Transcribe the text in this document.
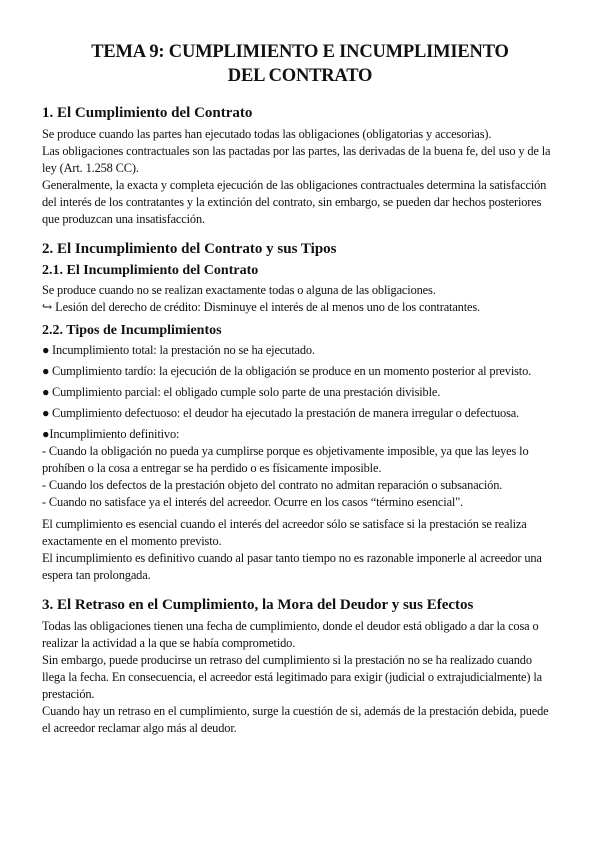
TEMA 9: CUMPLIMIENTO E INCUMPLIMIENTO
DEL CONTRATO
1. El Cumplimiento del Contrato

Se produce cuando las partes han ejecutado todas las obligaciones (obligatorias y accesorias).

Las obligaciones contractuales son las pactadas por las partes, las derivadas de la buena fe, del uso y de la ley (Art. 1.258 CC).

Generalmente, la exacta y completa ejecución de las obligaciones contractuales determina la satisfacción del interés de los contratantes y la extinción del contrato, sin embargo, se pueden dar hechos posteriores que produzcan una insatisfacción.

2. El Incumplimiento del Contrato y sus Tipos
2.1. El Incumplimiento del Contrato

Se produce cuando no se realizan exactamente todas o alguna de las obligaciones.

↪ Lesión del derecho de crédito: Disminuye el interés de al menos uno de los contratantes.

2.2. Tipos de Incumplimientos

● Incumplimiento total: la prestación no se ha ejecutado.

● Cumplimiento tardío: la ejecución de la obligación se produce en un momento posterior al previsto.

● Cumplimiento parcial: el obligado cumple solo parte de una prestación divisible.

● Cumplimiento defectuoso: el deudor ha ejecutado la prestación de manera irregular o defectuosa.

●Incumplimiento definitivo:

- Cuando la obligación no pueda ya cumplirse porque es objetivamente imposible, ya que las leyes lo prohíben o la cosa a entregar se ha perdido o es físicamente imposible.

- Cuando los defectos de la prestación objeto del contrato no admitan reparación o subsanación.

- Cuando no satisface ya el interés del acreedor. Ocurre en los casos “término esencial".

El cumplimiento es esencial cuando el interés del acreedor sólo se satisface si la prestación se realiza exactamente en el momento previsto.

El incumplimiento es definitivo cuando al pasar tanto tiempo no es razonable imponerle al acreedor una espera tan prolongada.

3. El Retraso en el Cumplimiento, la Mora del Deudor y sus Efectos

Todas las obligaciones tienen una fecha de cumplimiento, donde el deudor está obligado a dar la cosa o realizar la actividad a la que se había comprometido.

Sin embargo, puede producirse un retraso del cumplimiento si la prestación no se ha realizado cuando llega la fecha. En consecuencia, el acreedor está legitimado para exigir (judicial o extrajudicialmente) la prestación.

Cuando hay un retraso en el cumplimiento, surge la cuestión de si, además de la prestación debida, puede el acreedor reclamar algo más al deudor.
